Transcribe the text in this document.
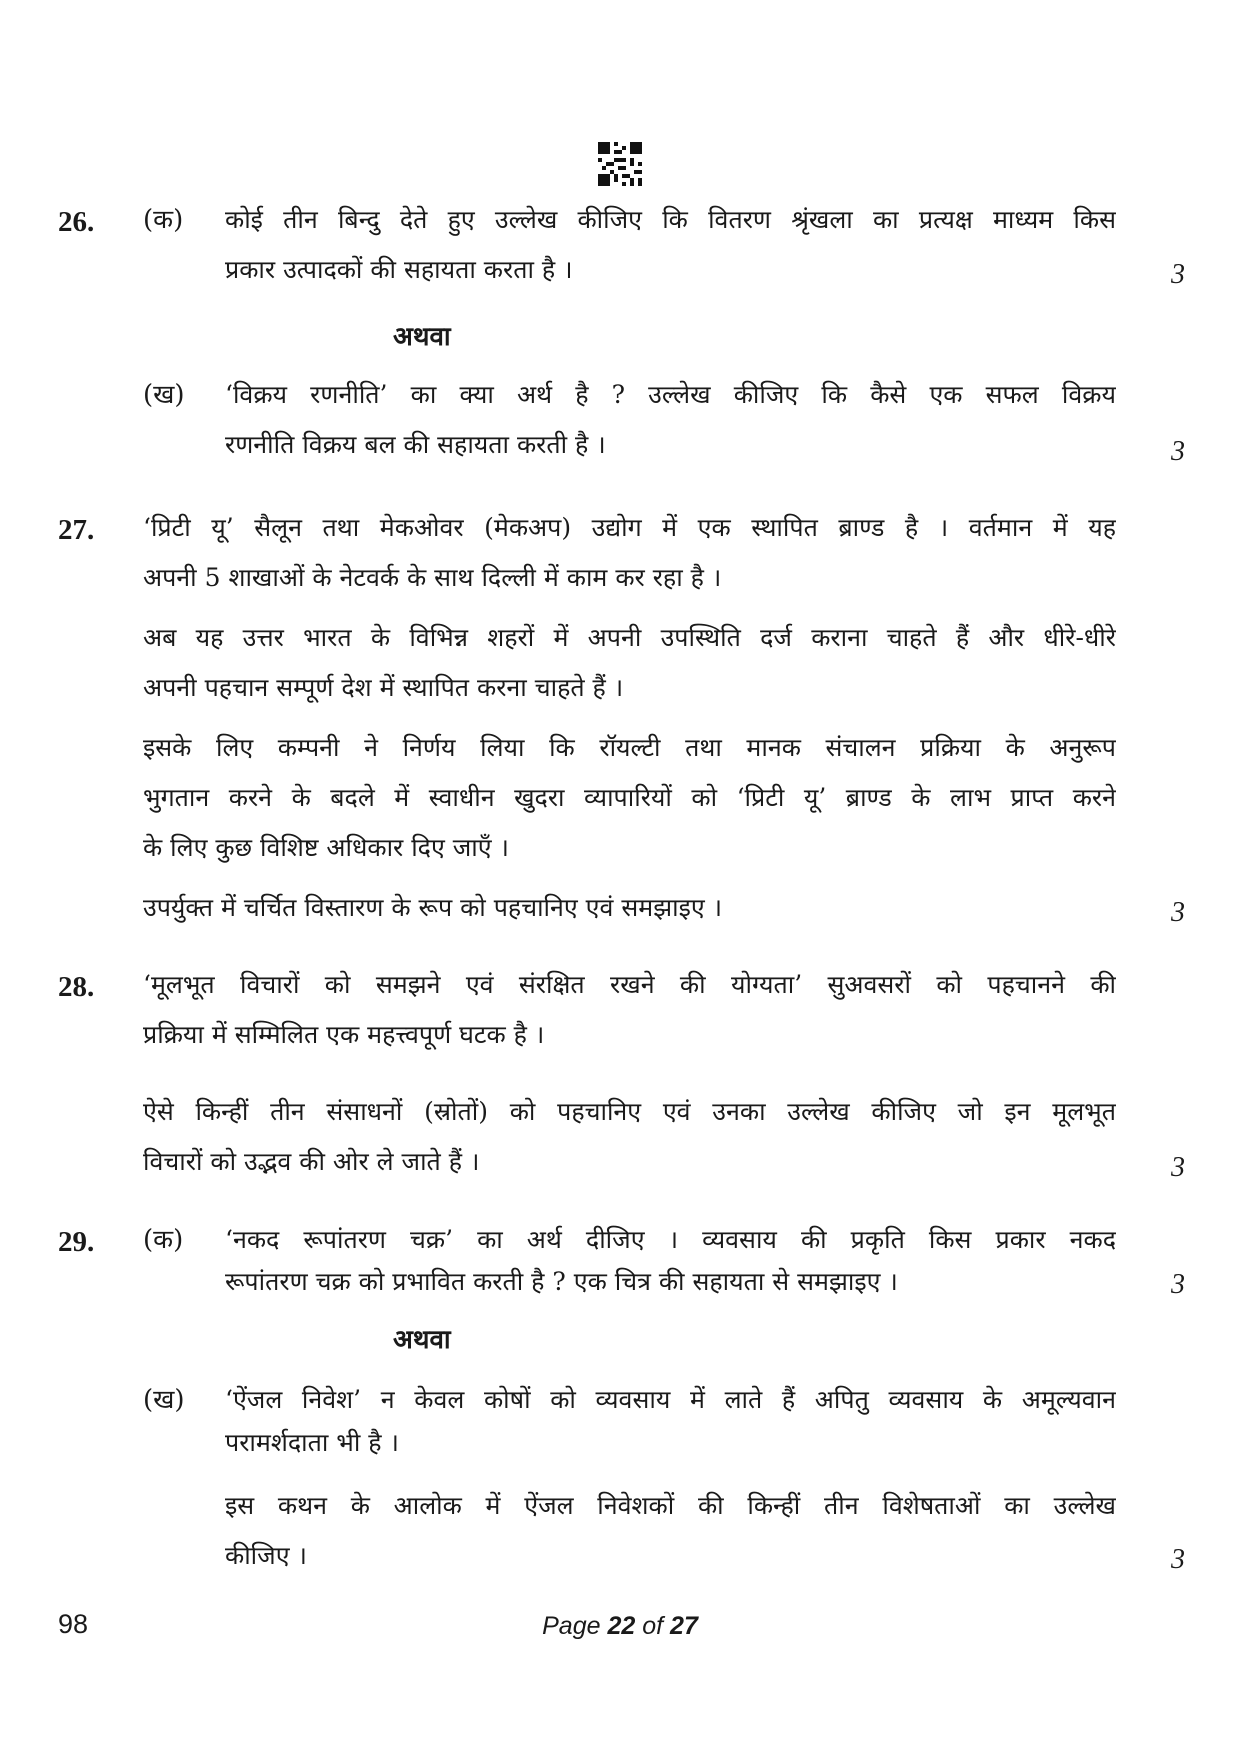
26. (क) कोई तीन बिन्दु देते हुए उल्लेख कीजिए कि वितरण श्रृंखला का प्रत्यक्ष माध्यम किस
प्रकार उत्पादकों की सहायता करता है ।	3
अथवा
(ख) ‘विक्रय रणनीति’ का क्या अर्थ है ? उल्लेख कीजिए कि कैसे एक सफल विक्रय
रणनीति विक्रय बल की सहायता करती है ।	3
27. ‘प्रिटी यू’ सैलून तथा मेकओवर (मेकअप) उद्योग में एक स्थापित ब्राण्ड है । वर्तमान में यह
अपनी 5 शाखाओं के नेटवर्क के साथ दिल्ली में काम कर रहा है ।
अब यह उत्तर भारत के विभिन्न शहरों में अपनी उपस्थिति दर्ज कराना चाहते हैं और धीरे-धीरे
अपनी पहचान सम्पूर्ण देश में स्थापित करना चाहते हैं ।
इसके लिए कम्पनी ने निर्णय लिया कि रॉयल्टी तथा मानक संचालन प्रक्रिया के अनुरूप
भुगतान करने के बदले में स्वाधीन खुदरा व्यापारियों को ‘प्रिटी यू’ ब्राण्ड के लाभ प्राप्त करने
के लिए कुछ विशिष्ट अधिकार दिए जाएँ ।
उपर्युक्त में चर्चित विस्तारण के रूप को पहचानिए एवं समझाइए ।	3
28. ‘मूलभूत विचारों को समझने एवं संरक्षित रखने की योग्यता’ सुअवसरों को पहचानने की
प्रक्रिया में सम्मिलित एक महत्त्वपूर्ण घटक है ।
ऐसे किन्हीं तीन संसाधनों (स्रोतों) को पहचानिए एवं उनका उल्लेख कीजिए जो इन मूलभूत
विचारों को उद्भव की ओर ले जाते हैं ।	3
29. (क) ‘नकद रूपांतरण चक्र’ का अर्थ दीजिए । व्यवसाय की प्रकृति किस प्रकार नकद
रूपांतरण चक्र को प्रभावित करती है ? एक चित्र की सहायता से समझाइए ।	3
अथवा
(ख) ‘ऐंजल निवेश’ न केवल कोषों को व्यवसाय में लाते हैं अपितु व्यवसाय के अमूल्यवान
परामर्शदाता भी है ।
इस कथन के आलोक में ऐंजल निवेशकों की किन्हीं तीन विशेषताओं का उल्लेख
कीजिए ।	3
98	Page 22 of 27
